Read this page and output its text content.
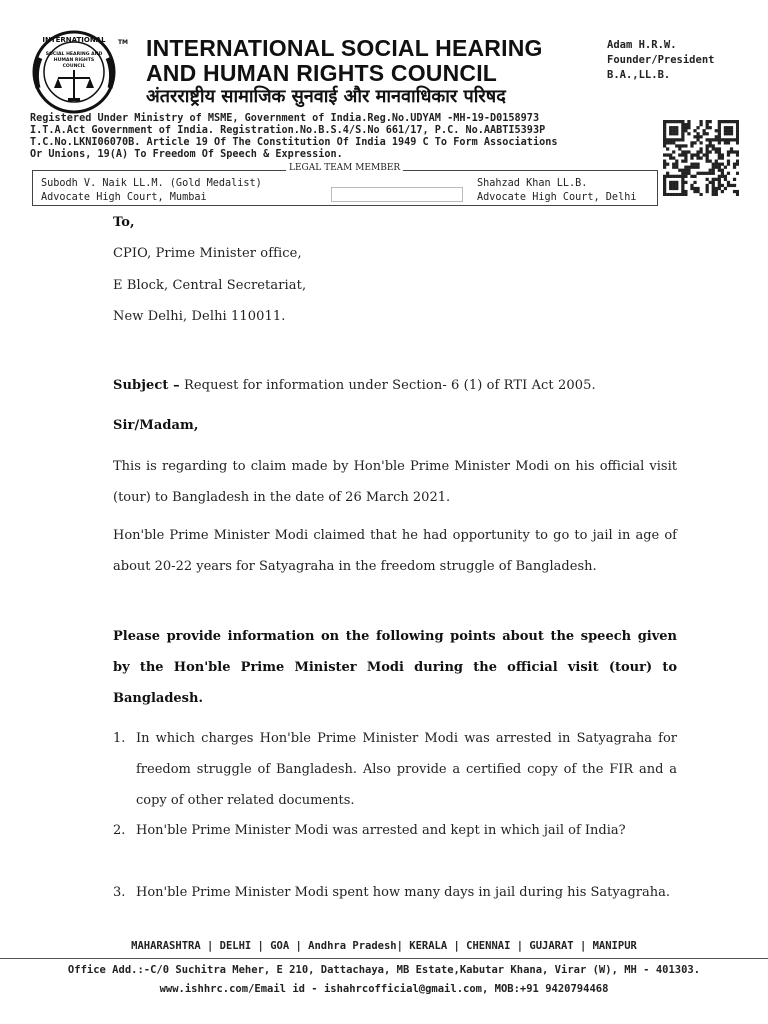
INTERNATIONAL
SOCIAL HEARING AND
HUMAN RIGHTS
COUNCIL
TM INTERNATIONAL SOCIAL HEARING
AND HUMAN RIGHTS COUNCIL
अंतरराष्ट्रीय सामाजिक सुनवाई और मानवाधिकार परिषद
Adam H.R.W.
Founder/President
B.A.,LL.B.
Registered Under Ministry of MSME, Government of India.Reg.No.UDYAM -MH-19-D0158973
I.T.A.Act Government of India. Registration.No.B.S.4/S.No 661/17, P.C. No.AABTI5393P
T.C.No.LKNI06070B. Article 19 Of The Constitution Of India 1949 C To Form Associations
Or Unions, 19(A) To Freedom Of Speech & Expression.
LEGAL TEAM MEMBER
Subodh V. Naik LL.M. (Gold Medalist)
Advocate High Court, Mumbai
Shahzad Khan LL.B.
Advocate High Court, Delhi
To,
CPIO, Prime Minister office,
E Block, Central Secretariat,
New Delhi, Delhi 110011.
Subject – Request for information under Section- 6 (1) of RTI Act 2005.
Sir/Madam,
This is regarding to claim made by Hon'ble Prime Minister Modi on his official visit (tour) to Bangladesh in the date of 26 March 2021.
Hon'ble Prime Minister Modi claimed that he had opportunity to go to jail in age of about 20-22 years for Satyagraha in the freedom struggle of Bangladesh.
Please provide information on the following points about the speech given by the Hon'ble Prime Minister Modi during the official visit (tour) to Bangladesh.
1. In which charges Hon'ble Prime Minister Modi was arrested in Satyagraha for freedom struggle of Bangladesh. Also provide a certified copy of the FIR and a copy of other related documents.
2. Hon'ble Prime Minister Modi was arrested and kept in which jail of India?
3. Hon'ble Prime Minister Modi spent how many days in jail during his Satyagraha.
MAHARASHTRA | DELHI | GOA | Andhra Pradesh| KERALA | CHENNAI | GUJARAT | MANIPUR
Office Add.:-C/0 Suchitra Meher, E 210, Dattachaya, MB Estate,Kabutar Khana, Virar (W), MH - 401303.
www.ishhrc.com/Email id - ishahrcofficial@gmail.com, MOB:+91 9420794468
